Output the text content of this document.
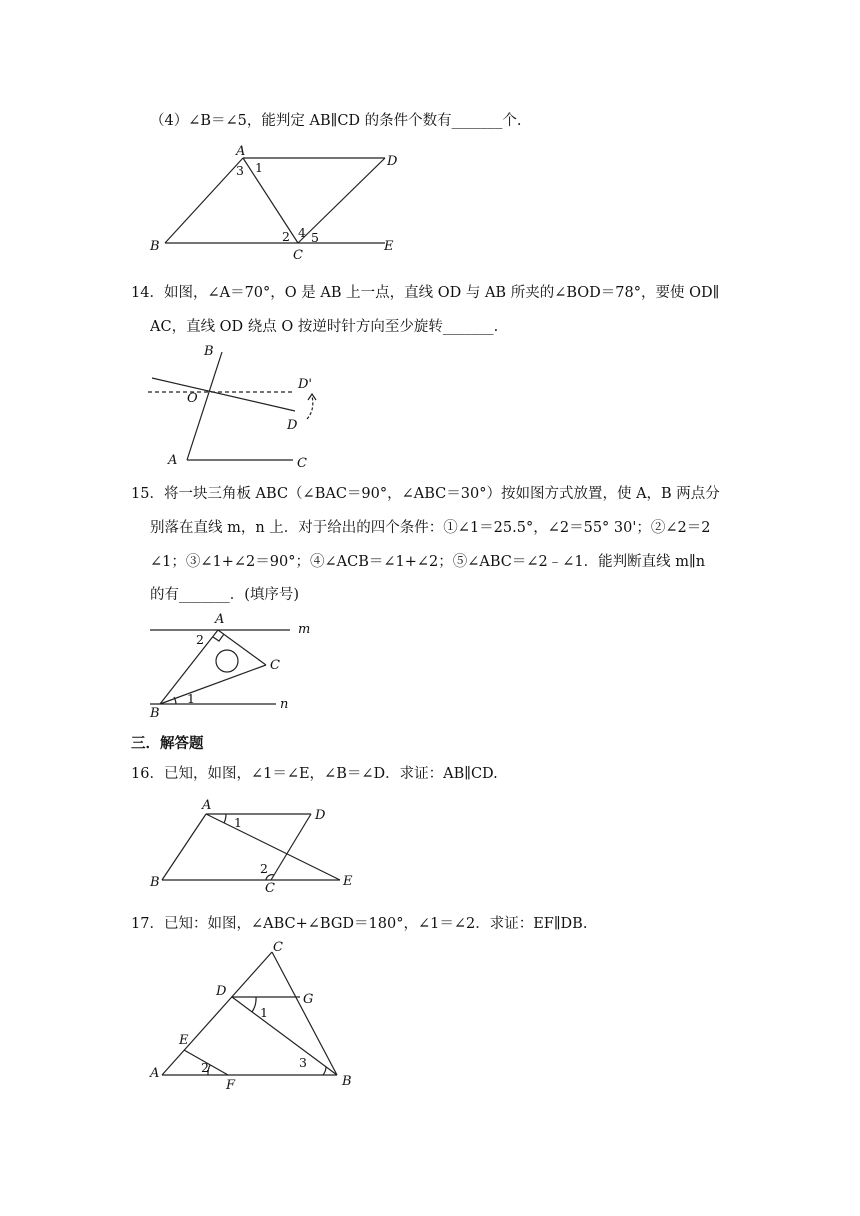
（4）∠B＝∠5，能判定 AB∥CD 的条件个数有_______个.
A
3 1	D
B
2 4 5
C
E
14．如图，∠A＝70°，O 是 AB 上一点，直线 OD 与 AB 所夹的∠BOD＝78°，要使 OD∥
AC，直线 OD 绕点 O 按逆时针方向至少旋转_______.
B
O
D'
D
A	C
15．将一块三角板 ABC（∠BAC＝90°，∠ABC＝30°）按如图方式放置，使 A，B 两点分
别落在直线 m，n 上．对于给出的四个条件：①∠1＝25.5°，∠2＝55° 30'；②∠2＝2
∠1；③∠1+∠2＝90°；④∠ACB＝∠1+∠2；⑤∠ABC＝∠2﹣∠1．能判断直线 m∥n
的有_______．(填序号)
A
2
m
C
1	n
B
三．解答题
16．已知，如图，∠1＝∠E，∠B＝∠D．求证：AB∥CD.
A
1	D
2
B	C	E
17．已知：如图，∠ABC+∠BGD＝180°，∠1＝∠2．求证：EF∥DB.
C
D
G
1
E
2	3
A
F	B
